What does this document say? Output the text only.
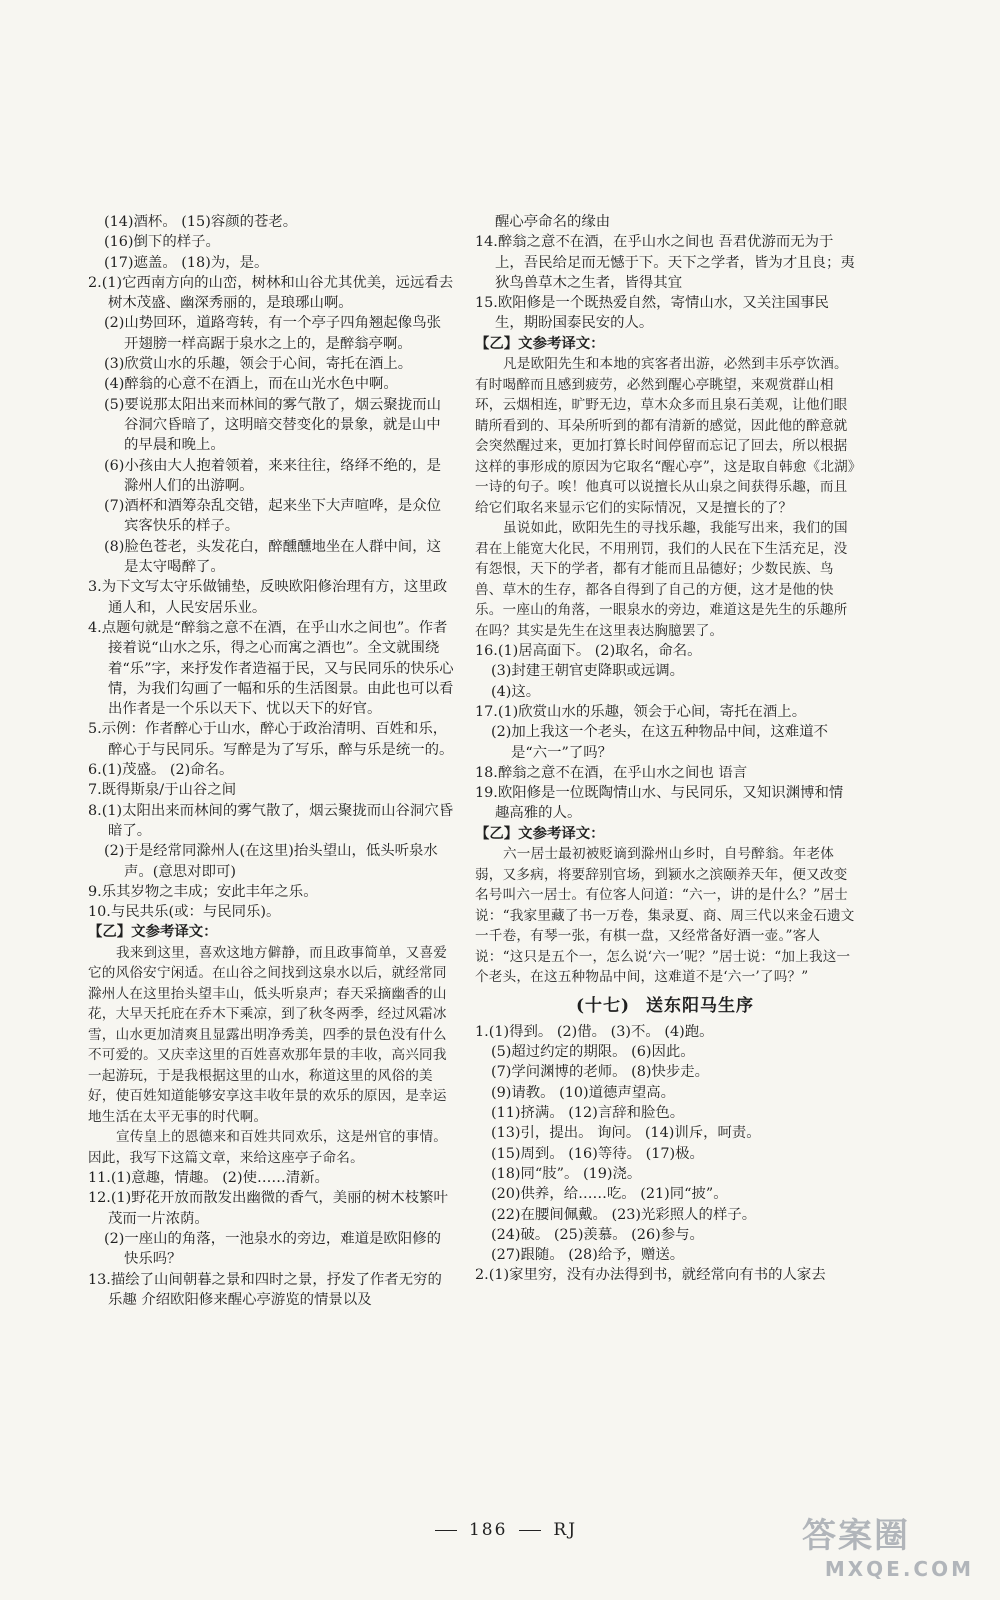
(14)酒杯。 (15)容颜的苍老。

(16)倒下的样子。

(17)遮盖。 (18)为，是。

2.(1)它西南方向的山峦，树林和山谷尤其优美，远远看去树木茂盛、幽深秀丽的，是琅琊山啊。

(2)山势回环，道路弯转，有一个亭子四角翘起像鸟张开翅膀一样高踞于泉水之上的，是醉翁亭啊。

(3)欣赏山水的乐趣，领会于心间，寄托在酒上。

(4)醉翁的心意不在酒上，而在山光水色中啊。

(5)要说那太阳出来而林间的雾气散了，烟云聚拢而山谷洞穴昏暗了，这明暗交替变化的景象，就是山中的早晨和晚上。

(6)小孩由大人抱着领着，来来往往，络绎不绝的，是滁州人们的出游啊。

(7)酒杯和酒筹杂乱交错，起来坐下大声喧哗，是众位宾客快乐的样子。

(8)脸色苍老，头发花白，醉醺醺地坐在人群中间，这是太守喝醉了。

3.为下文写太守乐做铺垫，反映欧阳修治理有方，这里政通人和，人民安居乐业。

4.点题句就是“醉翁之意不在酒，在乎山水之间也”。作者接着说“山水之乐，得之心而寓之酒也”。全文就围绕着“乐”字，来抒发作者造福于民，又与民同乐的快乐心情，为我们勾画了一幅和乐的生活图景。由此也可以看出作者是一个乐以天下、忧以天下的好官。

5.示例：作者醉心于山水，醉心于政治清明、百姓和乐，醉心于与民同乐。写醉是为了写乐，醉与乐是统一的。

6.(1)茂盛。 (2)命名。

7.既得斯泉/于山谷之间

8.(1)太阳出来而林间的雾气散了，烟云聚拢而山谷洞穴昏暗了。

(2)于是经常同滁州人(在这里)抬头望山，低头听泉水声。(意思对即可)

9.乐其岁物之丰成；安此丰年之乐。

10.与民共乐(或：与民同乐)。

【乙】文参考译文：

我来到这里，喜欢这地方僻静，而且政事简单，又喜爱它的风俗安宁闲适。在山谷之间找到这泉水以后，就经常同滁州人在这里抬头望丰山，低头听泉声；春天采摘幽香的山花，大早天托庇在乔木下乘凉，到了秋冬两季，经过风霜冰雪，山水更加清爽且显露出明净秀美，四季的景色没有什么不可爱的。又庆幸这里的百姓喜欢那年景的丰收，高兴同我一起游玩，于是我根据这里的山水，称道这里的风俗的美好，使百姓知道能够安享这丰收年景的欢乐的原因，是幸运地生活在太平无事的时代啊。

宣传皇上的恩德来和百姓共同欢乐，这是州官的事情。因此，我写下这篇文章，来给这座亭子命名。

11.(1)意趣，情趣。 (2)使……清新。

12.(1)野花开放而散发出幽微的香气，美丽的树木枝繁叶茂而一片浓荫。

(2)一座山的角落，一池泉水的旁边，难道是欧阳修的快乐吗？

13.描绘了山间朝暮之景和四时之景，抒发了作者无穷的乐趣 介绍欧阳修来醒心亭游览的情景以及

醒心亭命名的缘由

14.醉翁之意不在酒，在乎山水之间也 吾君优游而无为于上，吾民给足而无憾于下。天下之学者，皆为才且良；夷狄鸟兽草木之生者，皆得其宜

15.欧阳修是一个既热爱自然，寄情山水，又关注国事民生，期盼国泰民安的人。

【乙】文参考译文：

凡是欧阳先生和本地的宾客者出游，必然到丰乐亭饮酒。有时喝醉而且感到疲劳，必然到醒心亭眺望，来观赏群山相环，云烟相连，旷野无边，草木众多而且泉石美观，让他们眼睛所看到的、耳朵所听到的都有清新的感觉，因此他的醉意就会突然醒过来，更加打算长时间停留而忘记了回去，所以根据这样的事形成的原因为它取名“醒心亭”，这是取自韩愈《北湖》一诗的句子。唉！他真可以说擅长从山泉之间获得乐趣，而且给它们取名来显示它们的实际情况，又是擅长的了？

虽说如此，欧阳先生的寻找乐趣，我能写出来，我们的国君在上能宽大化民，不用刑罚，我们的人民在下生活充足，没有怨恨，天下的学者，都有才能而且品德好；少数民族、鸟兽、草木的生存，都各自得到了自己的方便，这才是他的快乐。一座山的角落，一眼泉水的旁边，难道这是先生的乐趣所在吗？其实是先生在这里表达胸臆罢了。

16.(1)居高面下。 (2)取名，命名。

(3)封建王朝官吏降职或远调。

(4)这。

17.(1)欣赏山水的乐趣，领会于心间，寄托在酒上。

(2)加上我这一个老头，在这五种物品中间，这难道不是“六一”了吗？

18.醉翁之意不在酒，在乎山水之间也 语言

19.欧阳修是一位既陶情山水、与民同乐，又知识渊博和情趣高雅的人。

【乙】文参考译文：

六一居士最初被贬谪到滁州山乡时，自号醉翁。年老体弱，又多病，将要辞别官场，到颍水之滨颐养天年，便又改变名号叫六一居士。有位客人问道：“六一，讲的是什么？”居士说：“我家里藏了书一万卷，集录夏、商、周三代以来金石遗文一千卷，有琴一张，有棋一盘，又经常备好酒一壶。”客人说：“这只是五个一，怎么说‘六一’呢？”居士说：“加上我这一个老头，在这五种物品中间，这难道不是‘六一’了吗？”

(十七) 送东阳马生序

1.(1)得到。 (2)借。 (3)不。 (4)跑。

(5)超过约定的期限。 (6)因此。

(7)学问渊博的老师。 (8)快步走。

(9)请教。 (10)道德声望高。

(11)挤满。 (12)言辞和脸色。

(13)引，提出。 询问。 (14)训斥，呵责。

(15)周到。 (16)等待。 (17)极。

(18)同“肢”。 (19)浇。

(20)供养，给……吃。 (21)同“披”。

(22)在腰间佩戴。 (23)光彩照人的样子。

(24)破。 (25)羡慕。 (26)参与。

(27)跟随。 (28)给予，赠送。

2.(1)家里穷，没有办法得到书，就经常向有书的人家去

186	RJ	答案圈
MXQE.COM
